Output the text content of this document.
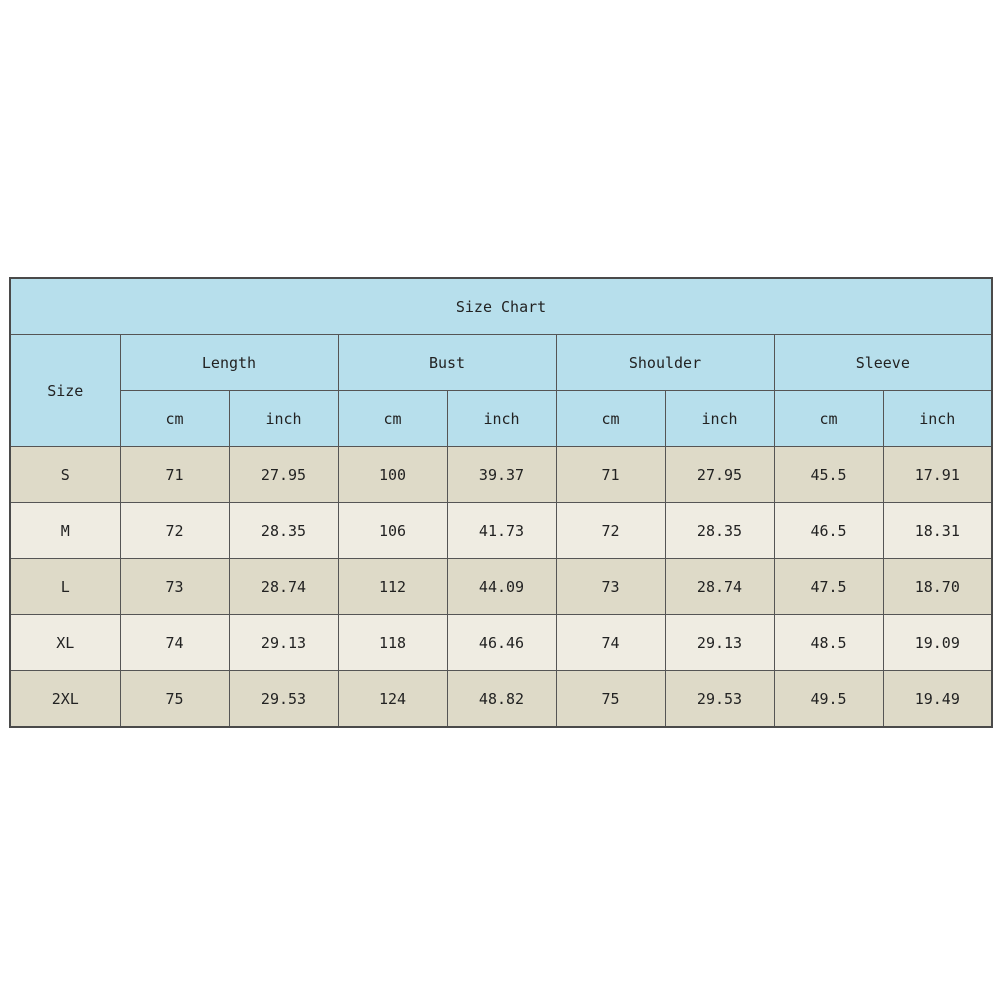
Size Chart								
Size	Length		Bust		Shoulder		Sleeve	
	cm	inch	cm	inch	cm	inch	cm	inch
S	71	27.95	100	39.37	71	27.95	45.5	17.91
M	72	28.35	106	41.73	72	28.35	46.5	18.31
L	73	28.74	112	44.09	73	28.74	47.5	18.70
XL	74	29.13	118	46.46	74	29.13	48.5	19.09
2XL	75	29.53	124	48.82	75	29.53	49.5	19.49
